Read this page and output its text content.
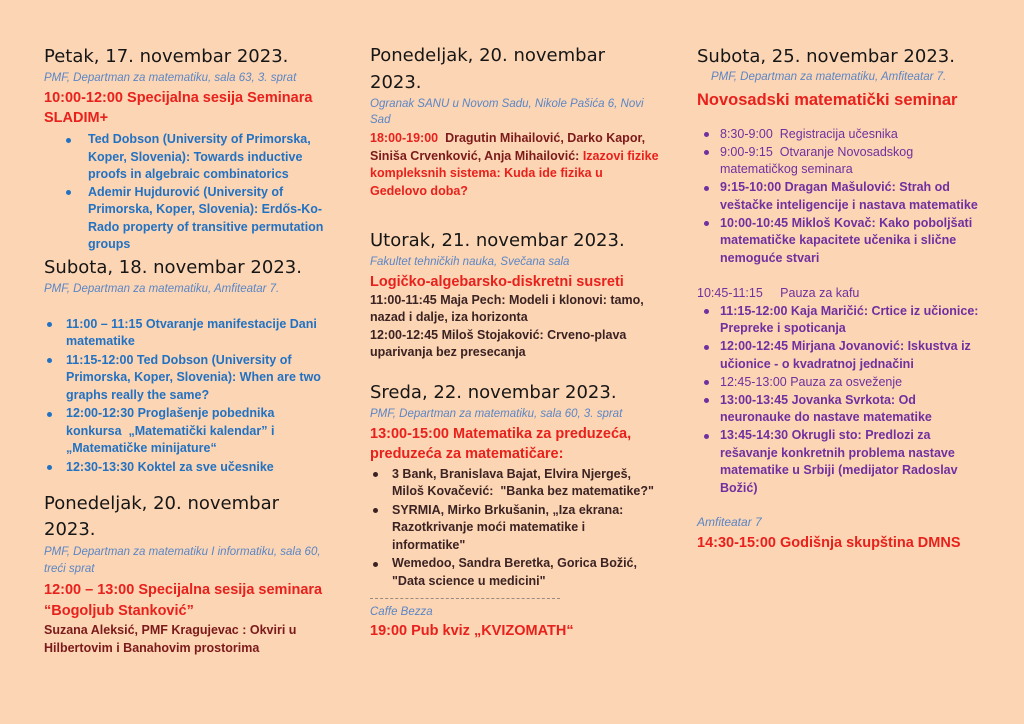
Petak, 17. novembar 2023.
PMF, Departman za matematiku, sala 63, 3. sprat
10:00-12:00 Specijalna sesija Seminara SLADIM+
Ted Dobson (University of Primorska, Koper, Slovenia): Towards inductive proofs in algebraic combinatorics
Ademir Hujdurović (University of Primorska, Koper, Slovenia): Erdős-Ko-Rado property of transitive permutation groups
Subota, 18. novembar 2023.
PMF, Departman za matematiku, Amfiteatar 7.
11:00 – 11:15 Otvaranje manifestacije Dani matematike
11:15-12:00 Ted Dobson (University of Primorska, Koper, Slovenia): When are two graphs really the same?
12:00-12:30 Proglašenje pobednika konkursa  „Matematički kalendar” i „Matematičke minijature“
12:30-13:30 Koktel za sve učesnike
Ponedeljak, 20. novembar 2023.
PMF, Departman za matematiku I informatiku, sala 60, treći sprat
12:00 – 13:00 Specijalna sesija seminara “Bogoljub Stanković”
Suzana Aleksić, PMF Kragujevac : Okviri u Hilbertovim i Banahovim prostorima
Ponedeljak, 20. novembar 2023.
Ogranak SANU u Novom Sadu, Nikole Pašića 6, Novi Sad
18:00-19:00 Dragutin Mihailović, Darko Kapor, Siniša Crvenković, Anja Mihailović: Izazovi fizike kompleksnih sistema: Kuda ide fizika u Gedelovo doba?
Utorak, 21. novembar 2023.
Fakultet tehničkih nauka, Svečana sala
Logičko-algebarsko-diskretni susreti
11:00-11:45 Maja Pech: Modeli i klonovi: tamo, nazad i dalje, iza horizonta
12:00-12:45 Miloš Stojaković: Crveno-plava uparivanja bez presecanja
Sreda, 22. novembar 2023.
PMF, Departman za matematiku, sala 60, 3. sprat
13:00-15:00 Matematika za preduzeća, preduzeća za matematičare:
3 Bank, Branislava Bajat, Elvira Njergeš, Miloš Kovačević:  "Banka bez matematike?"
SYRMIA, Mirko Brkušanin, „Iza ekrana: Razotkrivanje moći matematike i informatike"
Wemedoo, Sandra Beretka, Gorica Božić, "Data science u medicini"
Caffe Bezza
19:00 Pub kviz „KVIZOMATH“
Subota, 25. novembar 2023.
PMF, Departman za matematiku, Amfiteatar 7.
Novosadski matematički seminar
8:30-9:00  Registracija učesnika
9:00-9:15  Otvaranje Novosadskog matematičkog seminara
9:15-10:00 Dragan Mašulović: Strah od veštačke inteligencije i nastava matematike
10:00-10:45 Mikloš Kovač: Kako poboljšati matematičke kapacitete učenika i slične nemoguće stvari
10:45-11:15     Pauza za kafu
11:15-12:00 Kaja Maričić: Crtice iz učionice: Prepreke i spoticanja
12:00-12:45 Mirjana Jovanović: Iskustva iz učionice - o kvadratnoj jednačini
12:45-13:00 Pauza za osveženje
13:00-13:45 Jovanka Svrkota: Od neuronauke do nastave matematike
13:45-14:30 Okrugli sto: Predlozi za rešavanje konkretnih problema nastave matematike u Srbiji (medijator Radoslav Božić)
Amfiteatar 7
14:30-15:00 Godišnja skupština DMNS
